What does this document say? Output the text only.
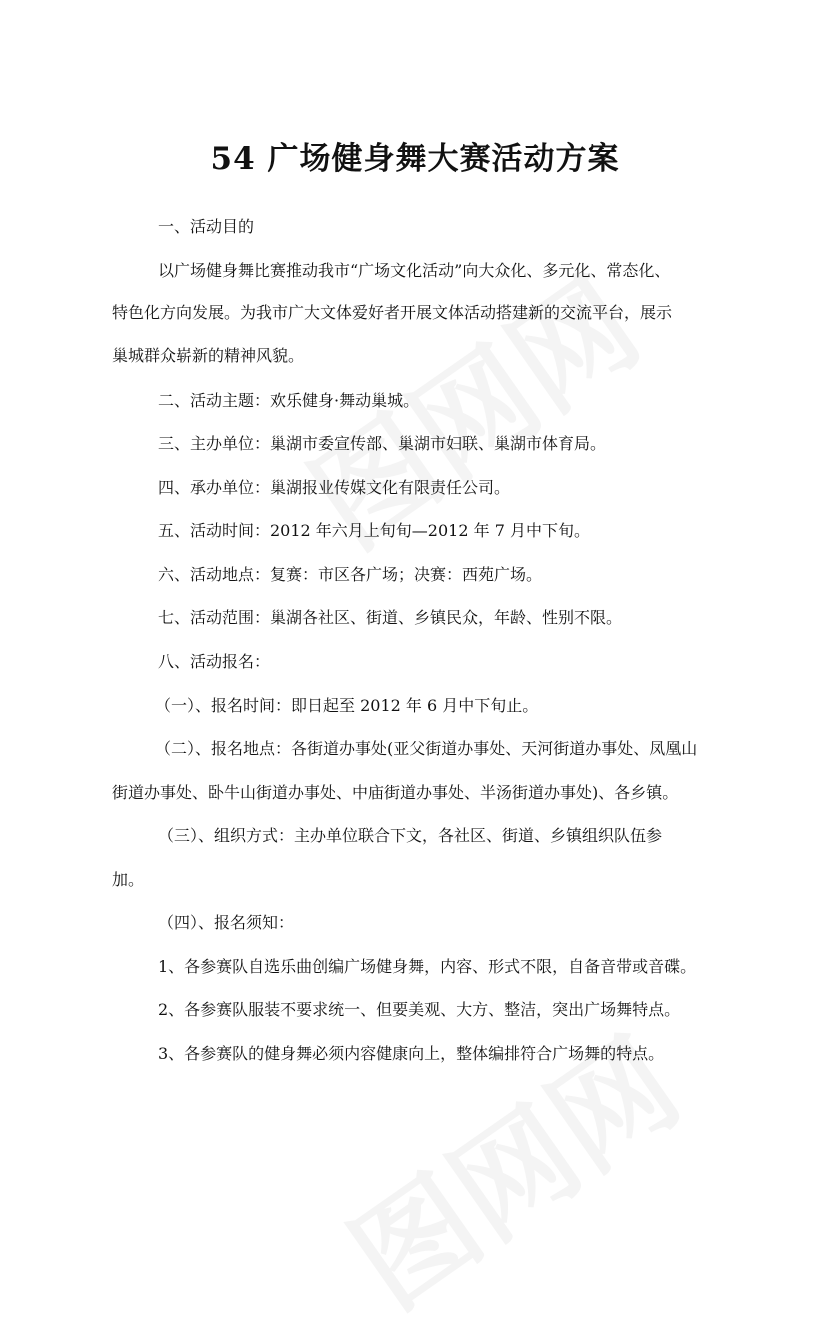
54 广场健身舞大赛活动方案

一、活动目的

以广场健身舞比赛推动我市“广场文化活动”向大众化、多元化、常态化、

特色化方向发展。为我市广大文体爱好者开展文体活动搭建新的交流平台，展示

巢城群众崭新的精神风貌。

二、活动主题：欢乐健身·舞动巢城。

三、主办单位：巢湖市委宣传部、巢湖市妇联、巢湖市体育局。

四、承办单位：巢湖报业传媒文化有限责任公司。

五、活动时间：2012 年六月上旬旬—2012 年 7 月中下旬。

六、活动地点：复赛：市区各广场；决赛：西苑广场。

七、活动范围：巢湖各社区、街道、乡镇民众，年龄、性别不限。

八、活动报名：

（一）、报名时间：即日起至 2012 年 6 月中下旬止。

（二）、报名地点：各街道办事处(亚父街道办事处、天河街道办事处、凤凰山

街道办事处、卧牛山街道办事处、中庙街道办事处、半汤街道办事处)、各乡镇。

（三）、组织方式：主办单位联合下文，各社区、街道、乡镇组织队伍参

加。

（四）、报名须知：

1、各参赛队自选乐曲创编广场健身舞，内容、形式不限，自备音带或音碟。

2、各参赛队服装不要求统一、但要美观、大方、整洁，突出广场舞特点。

3、各参赛队的健身舞必须内容健康向上，整体编排符合广场舞的特点。
